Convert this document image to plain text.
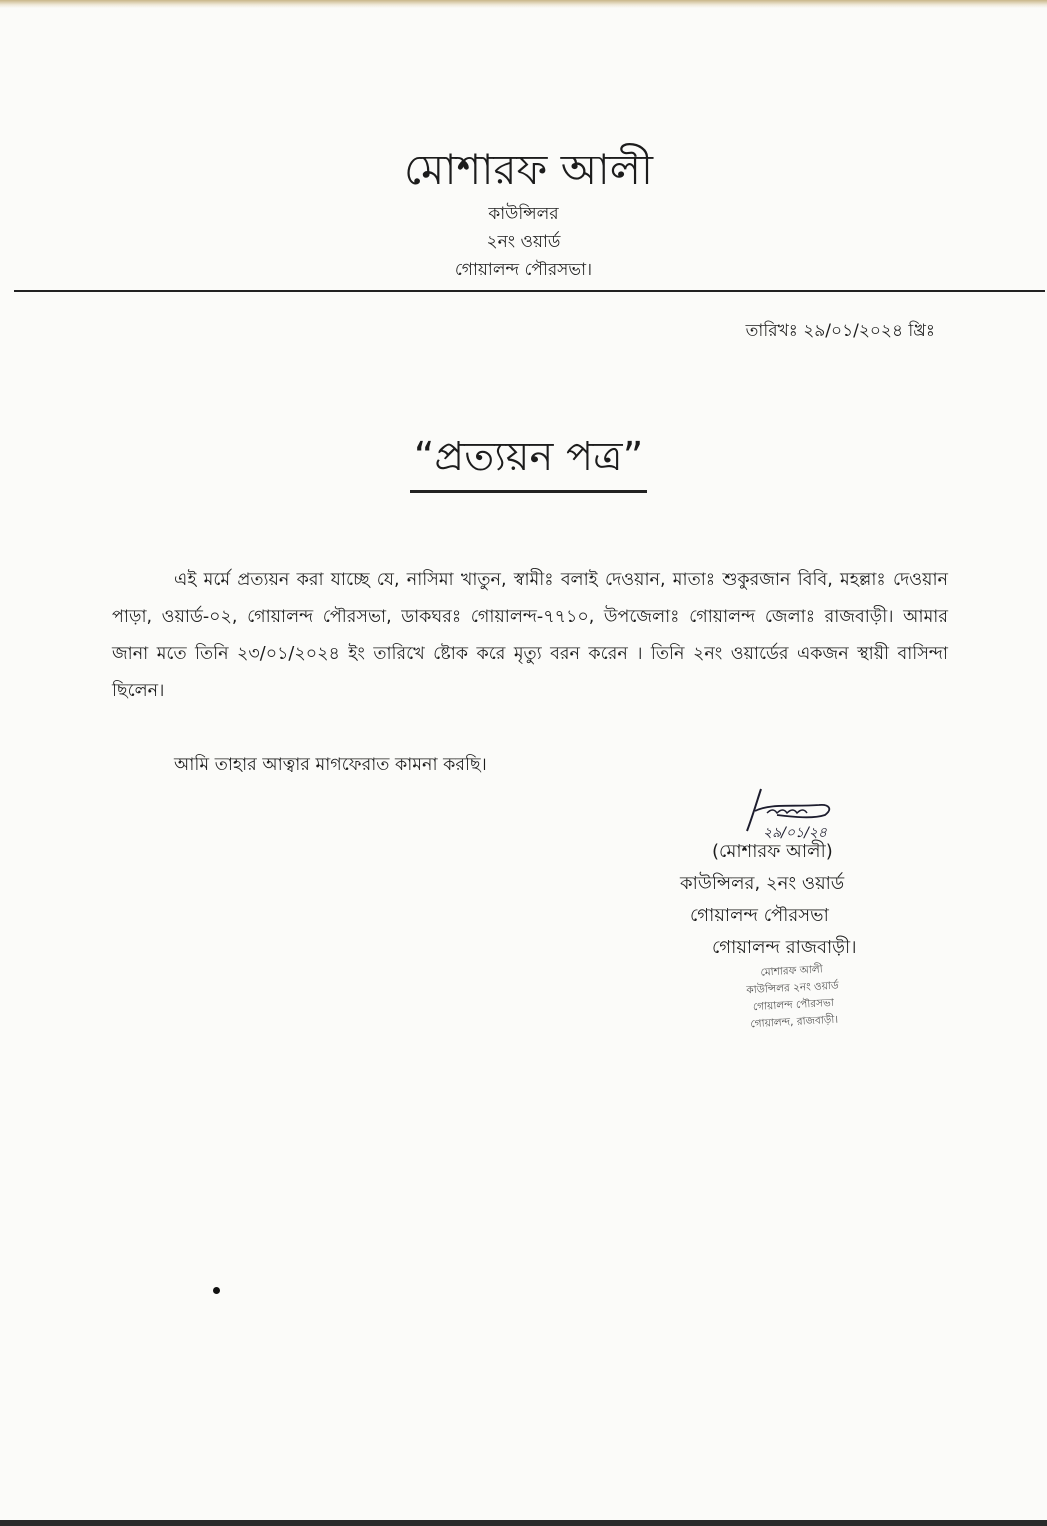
মোশারফ আলী
কাউন্সিলর
২নং ওয়ার্ড
গোয়ালন্দ পৌরসভা।
তারিখঃ ২৯/০১/২০২৪ খ্রিঃ
“প্রত্যয়ন পত্র”

এই মর্মে প্রত্যয়ন করা যাচ্ছে যে, নাসিমা খাতুন, স্বামীঃ বলাই দেওয়ান, মাতাঃ শুকুরজান বিবি, মহল্লাঃ দেওয়ান পাড়া, ওয়ার্ড-০২, গোয়ালন্দ পৌরসভা, ডাকঘরঃ গোয়ালন্দ-৭৭১০, উপজেলাঃ গোয়ালন্দ জেলাঃ রাজবাড়ী। আমার জানা মতে তিনি ২৩/০১/২০২৪ ইং তারিখে ষ্টোক করে মৃত্যু বরন করেন । তিনি ২নং ওয়ার্ডের একজন স্থায়ী বাসিন্দা ছিলেন।

আমি তাহার আত্বার মাগফেরাত কামনা করছি।

২৯/০১/২৪
(মোশারফ আলী)
কাউন্সিলর, ২নং ওয়ার্ড
গোয়ালন্দ পৌরসভা
গোয়ালন্দ রাজবাড়ী।
মোশারফ আলী
কাউন্সিলর ২নং ওয়ার্ড
গোয়ালন্দ পৌরসভা
গোয়ালন্দ, রাজবাড়ী।
